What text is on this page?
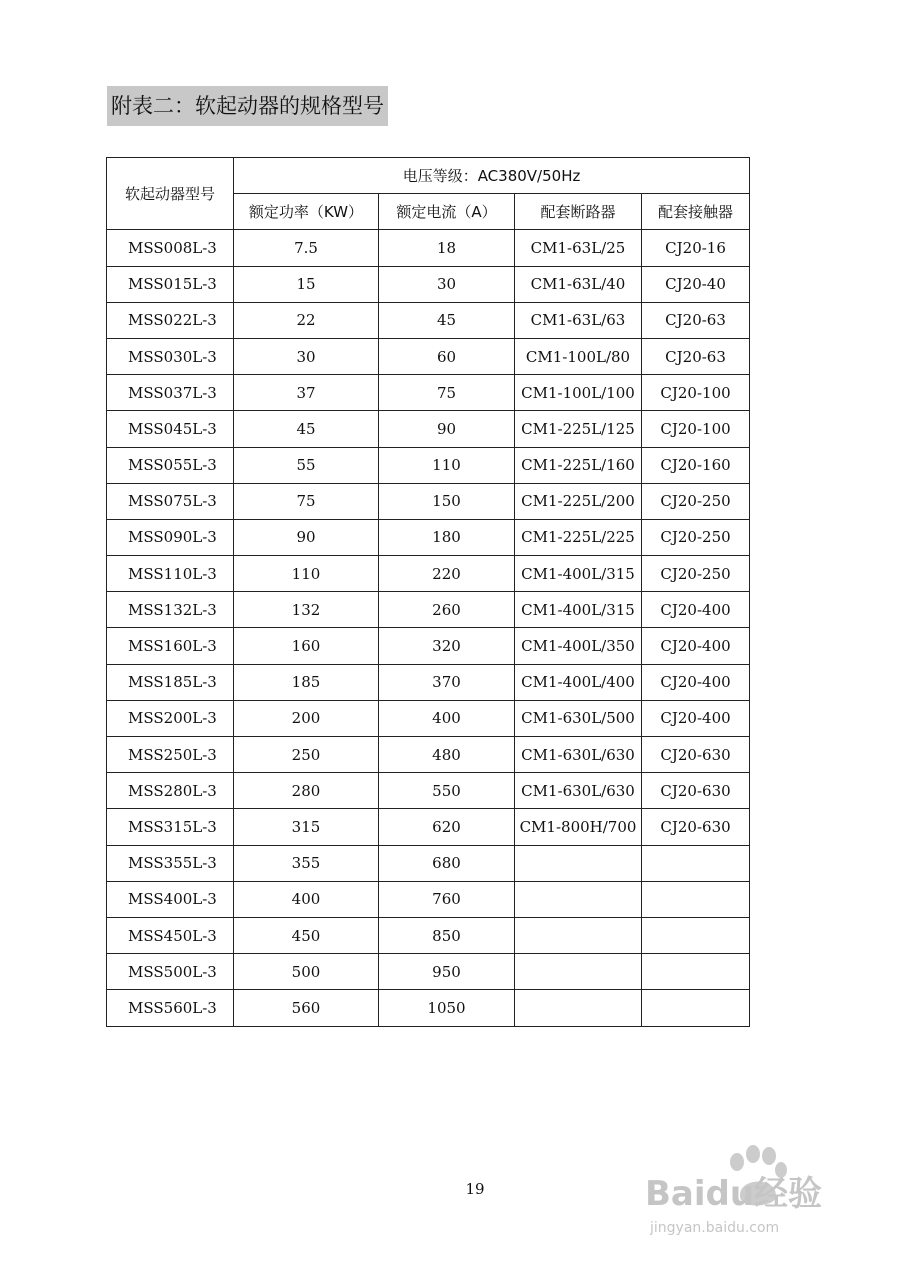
附表二：软起动器的规格型号
软起动器型号	电压等级：AC380V/50Hz			
	额定功率（KW）	额定电流（A）	配套断路器	配套接触器
MSS008L-3	7.5	18	CM1-63L/25	CJ20-16
MSS015L-3	15	30	CM1-63L/40	CJ20-40
MSS022L-3	22	45	CM1-63L/63	CJ20-63
MSS030L-3	30	60	CM1-100L/80	CJ20-63
MSS037L-3	37	75	CM1-100L/100	CJ20-100
MSS045L-3	45	90	CM1-225L/125	CJ20-100
MSS055L-3	55	110	CM1-225L/160	CJ20-160
MSS075L-3	75	150	CM1-225L/200	CJ20-250
MSS090L-3	90	180	CM1-225L/225	CJ20-250
MSS110L-3	110	220	CM1-400L/315	CJ20-250
MSS132L-3	132	260	CM1-400L/315	CJ20-400
MSS160L-3	160	320	CM1-400L/350	CJ20-400
MSS185L-3	185	370	CM1-400L/400	CJ20-400
MSS200L-3	200	400	CM1-630L/500	CJ20-400
MSS250L-3	250	480	CM1-630L/630	CJ20-630
MSS280L-3	280	550	CM1-630L/630	CJ20-630
MSS315L-3	315	620	CM1-800H/700	CJ20-630
MSS355L-3	355	680		
MSS400L-3	400	760		
MSS450L-3	450	850		
MSS500L-3	500	950		
MSS560L-3	560	1050		
19	Baidu经验
jingyan.baidu.com
